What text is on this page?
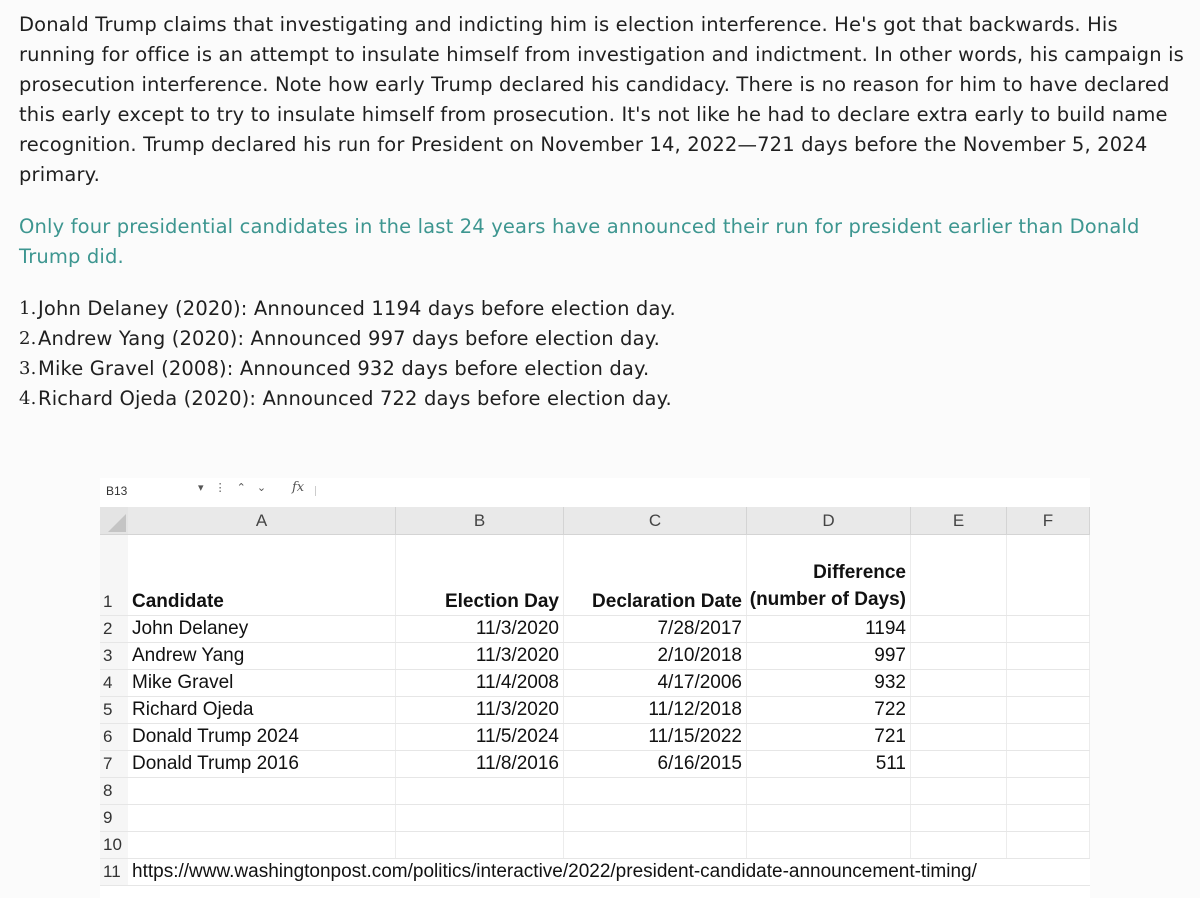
Donald Trump claims that investigating and indicting him is election interference. He's got that backwards. His running for office is an attempt to insulate himself from investigation and indictment. In other words, his campaign is prosecution interference. Note how early Trump declared his candidacy. There is no reason for him to have declared this early except to try to insulate himself from prosecution. It's not like he had to declare extra early to build name recognition. Trump declared his run for President on November 14, 2022—721 days before the November 5, 2024 primary.

Only four presidential candidates in the last 24 years have announced their run for president earlier than Donald Trump did.

1. John Delaney (2020): Announced 1194 days before election day.
2. Andrew Yang (2020): Announced 997 days before election day.
3. Mike Gravel (2008): Announced 932 days before election day.
4. Richard Ojeda (2020): Announced 722 days before election day.
B13	▾ ⋮ ⌃ ⌄ fx
A	B	C	D	E	F
1	Candidate	Election Day	Declaration Date
Difference
(number of Days)
2	John Delaney	11/3/2020	7/28/2017	1194
3	Andrew Yang	11/3/2020	2/10/2018	997
4	Mike Gravel	11/4/2008	4/17/2006	932
5	Richard Ojeda	11/3/2020	11/12/2018	722
6	Donald Trump 2024	11/5/2024	11/15/2022	721
7	Donald Trump 2016	11/8/2016	6/16/2015	511
8
9
10
11 https://www.washingtonpost.com/politics/interactive/2022/president-candidate-announcement-timing/
